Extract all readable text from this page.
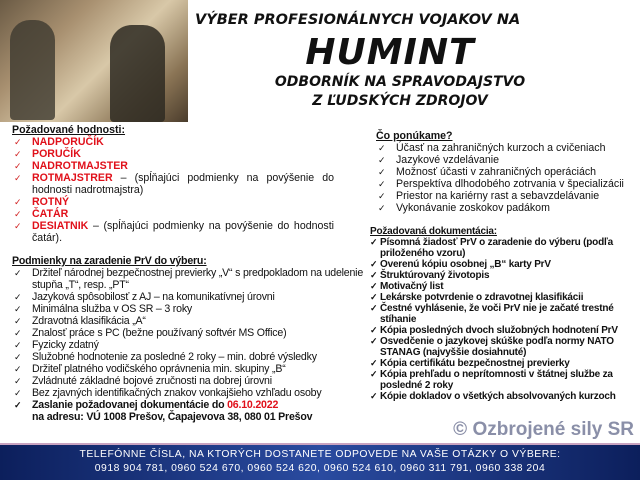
VÝBER PROFESIONÁLNYCH VOJAKOV NA
HUMINT
ODBORNÍK NA SPRAVODAJSTVO
Z ĽUDSKÝCH ZDROJOV
Požadované hodnosti:
✓ NADPORUČÍK
✓ PORUČÍK
✓ NADROTMAJSTER
✓ ROTMAJSTRER – (spĺňajúci podmienky na povýšenie do hodnosti nadrotmajstra)
✓ ROTNÝ
✓ ČATÁR
✓ DESIATNIK – (spĺňajúci podmienky na povýšenie do hodnosti čatár).
Podmienky na zaradenie PrV do výberu:
✓ Držiteľ národnej bezpečnostnej previerky „V“ s predpokladom na udelenie stupňa „T“, resp. „PT“
✓ Jazyková spôsobilosť z AJ – na komunikatívnej úrovni
✓ Minimálna služba v OS SR – 3 roky
✓ Zdravotná klasifikácia „A“
✓ Znalosť práce s PC (bežne používaný softvér MS Office)
✓ Fyzicky zdatný
✓ Služobné hodnotenie za posledné 2 roky – min. dobré výsledky
✓ Držiteľ platného vodičského oprávnenia min. skupiny „B“
✓ Zvládnuté základné bojové zručnosti na dobrej úrovni
✓ Bez zjavných identifikačných znakov vonkajšieho vzhľadu osoby
✓ Zaslanie požadovanej dokumentácie do 06.10.2022
na adresu: VÚ 1008 Prešov, Čapajevova 38, 080 01 Prešov
Čo ponúkame?
✓ Účasť na zahraničných kurzoch a cvičeniach
✓ Jazykové vzdelávanie
✓ Možnosť účasti v zahraničných operáciách
✓ Perspektíva dlhodobého zotrvania v špecializácii
✓ Priestor na kariérny rast a sebavzdelávanie
✓ Vykonávanie zoskokov padákom
Požadovaná dokumentácia:
✓ Písomná žiadosť PrV o zaradenie do výberu (podľa priloženého vzoru)
✓ Overenú kópiu osobnej „B“ karty PrV
✓ Štruktúrovaný životopis
✓ Motivačný list
✓ Lekárske potvrdenie o zdravotnej klasifikácii
✓ Čestné vyhlásenie, že voči PrV nie je začaté trestné stíhanie
✓ Kópia posledných dvoch služobných hodnotení PrV
✓ Osvedčenie o jazykovej skúške podľa normy NATO STANAG (najvyššie dosiahnuté)
✓ Kópia certifikátu bezpečnostnej previerky
✓ Kópia prehľadu o neprítomnosti v štátnej službe za posledné 2 roky
✓ Kópie dokladov o všetkých absolvovaných kurzoch
© Ozbrojené sily SR
TELEFÓNNE ČÍSLA, NA KTORÝCH DOSTANETE ODPOVEDE NA VAŠE OTÁZKY O VÝBERE:
0918 904 781, 0960 524 670, 0960 524 620, 0960 524 610, 0960 311 791, 0960 338 204
